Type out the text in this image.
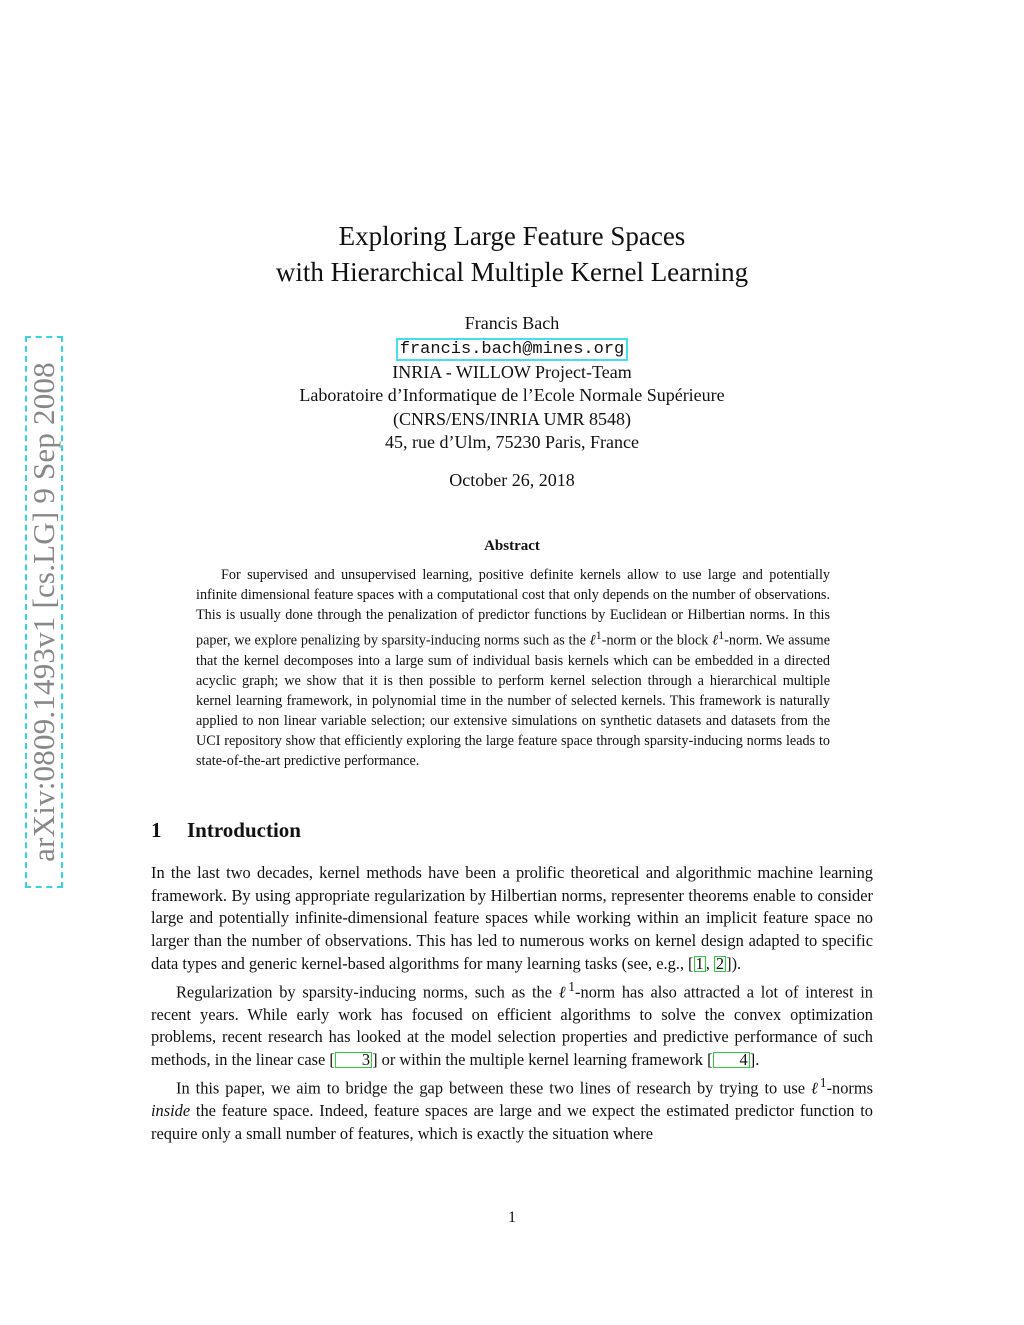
arXiv:0809.1493v1 [cs.LG] 9 Sep 2008
Exploring Large Feature Spaces
with Hierarchical Multiple Kernel Learning
Francis Bach
francis.bach@mines.org
INRIA - WILLOW Project-Team
Laboratoire d’Informatique de l’Ecole Normale Supérieure
(CNRS/ENS/INRIA UMR 8548)
45, rue d’Ulm, 75230 Paris, France
October 26, 2018
Abstract

For supervised and unsupervised learning, positive definite kernels allow to use large and potentially infinite dimensional feature spaces with a computational cost that only depends on the number of observations. This is usually done through the penalization of predictor functions by Euclidean or Hilbertian norms. In this paper, we explore penalizing by sparsity-inducing norms such as the ℓ$^1$-norm or the block ℓ$^1$-norm. We assume that the kernel decomposes into a large sum of individual basis kernels which can be embedded in a directed acyclic graph; we show that it is then possible to perform kernel selection through a hierarchical multiple kernel learning framework, in polynomial time in the number of selected kernels. This framework is naturally applied to non linear variable selection; our extensive simulations on synthetic datasets and datasets from the UCI repository show that efficiently exploring the large feature space through sparsity-inducing norms leads to state-of-the-art predictive performance.

1 Introduction

In the last two decades, kernel methods have been a prolific theoretical and algorithmic machine learning framework. By using appropriate regularization by Hilbertian norms, representer theorems enable to consider large and potentially infinite-dimensional feature spaces while working within an implicit feature space no larger than the number of observations. This has led to numerous works on kernel design adapted to specific data types and generic kernel-based algorithms for many learning tasks (see, e.g., [ 1 , 2 ]).

Regularization by sparsity-inducing norms, such as the ℓ$^1$-norm has also attracted a lot of interest in recent years. While early work has focused on efficient algorithms to solve the convex optimization problems, recent research has looked at the model selection properties and predictive performance of such methods, in the linear case [ 3 ] or within the multiple kernel learning framework [ 4 ].

In this paper, we aim to bridge the gap between these two lines of research by trying to use ℓ$^1$-norms inside the feature space. Indeed, feature spaces are large and we expect the estimated predictor function to require only a small number of features, which is exactly the situation where

1
